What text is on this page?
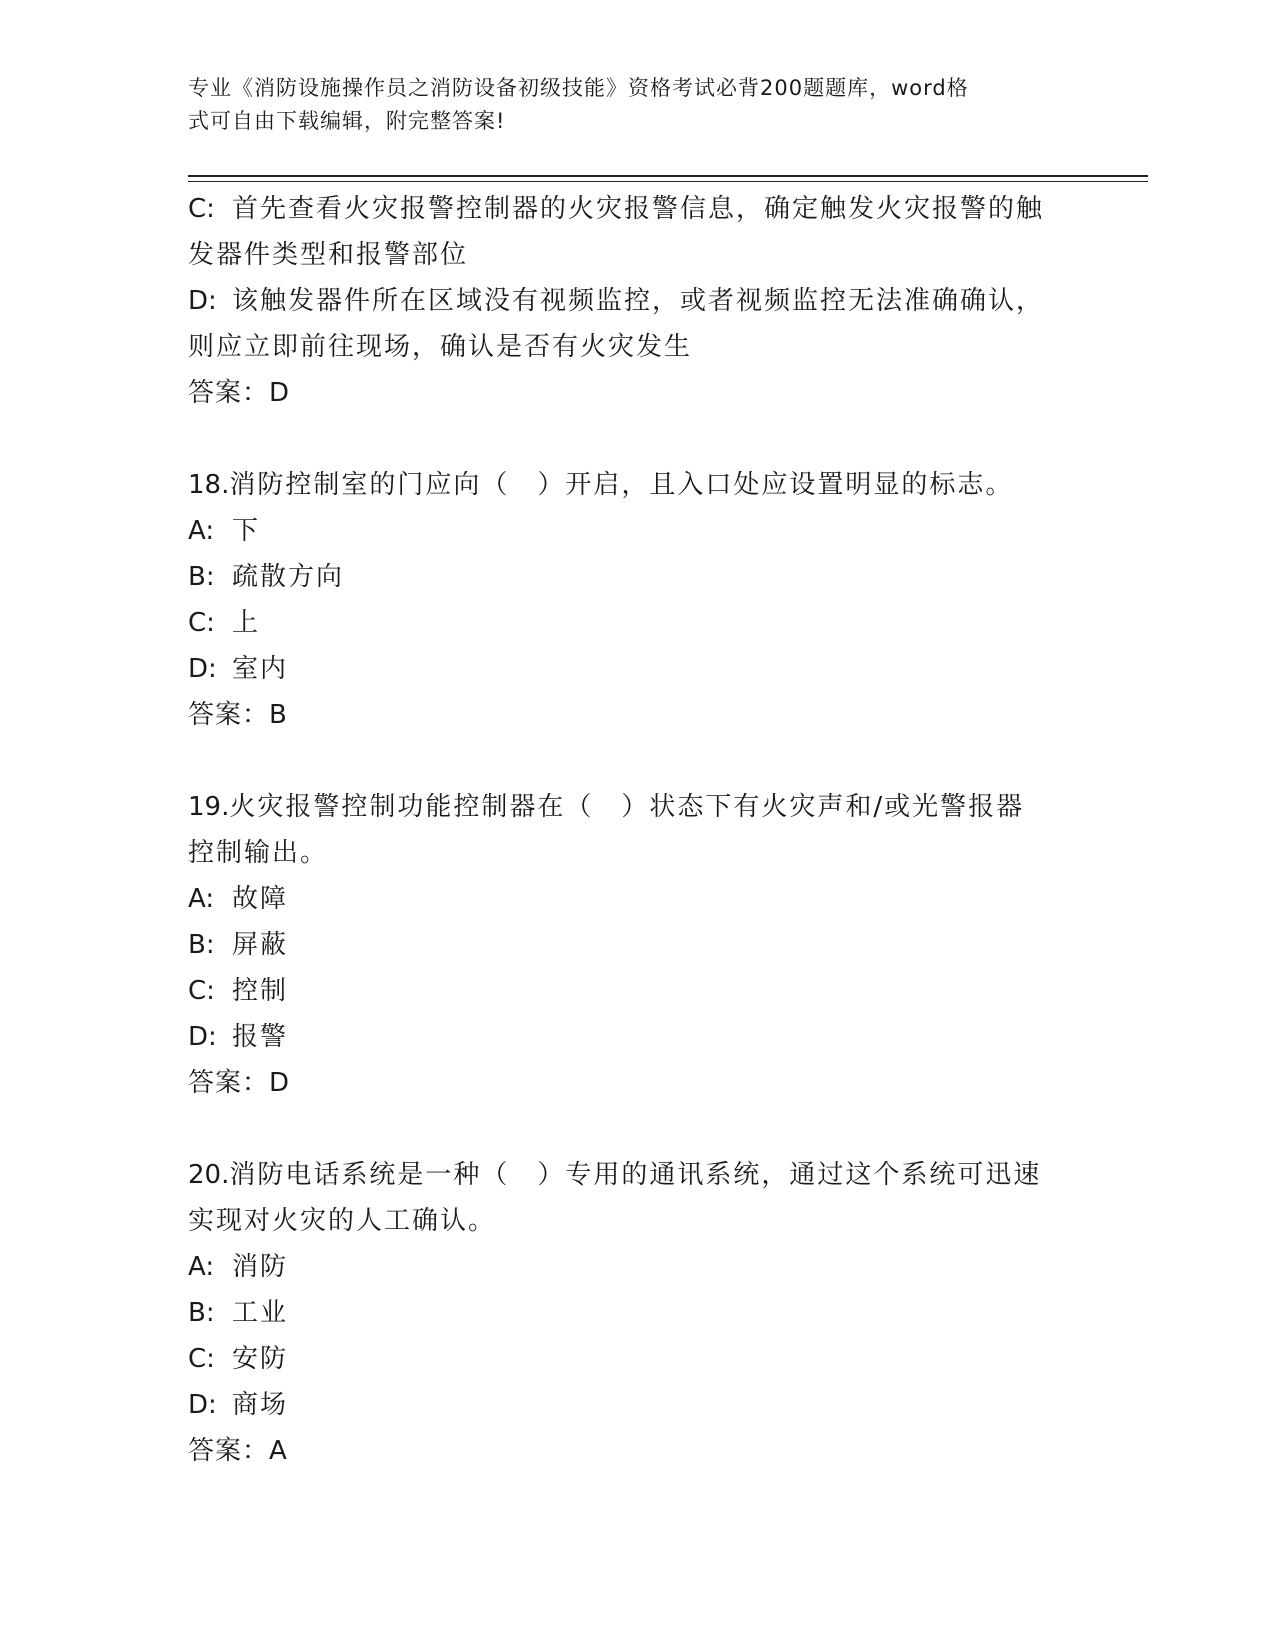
专业《消防设施操作员之消防设备初级技能》资格考试必背200题题库，word格
式可自由下载编辑，附完整答案!

C: 首先查看火灾报警控制器的火灾报警信息，确定触发火灾报警的触

发器件类型和报警部位

D: 该触发器件所在区域没有视频监控，或者视频监控无法准确确认，

则应立即前往现场，确认是否有火灾发生

答案：D

18.消防控制室的门应向（　）开启，且入口处应设置明显的标志。

A: 下

B: 疏散方向

C: 上

D: 室内

答案：B

19.火灾报警控制功能控制器在（　）状态下有火灾声和/或光警报器

控制输出。

A: 故障

B: 屏蔽

C: 控制

D: 报警

答案：D

20.消防电话系统是一种（　）专用的通讯系统，通过这个系统可迅速

实现对火灾的人工确认。

A: 消防

B: 工业

C: 安防

D: 商场

答案：A
